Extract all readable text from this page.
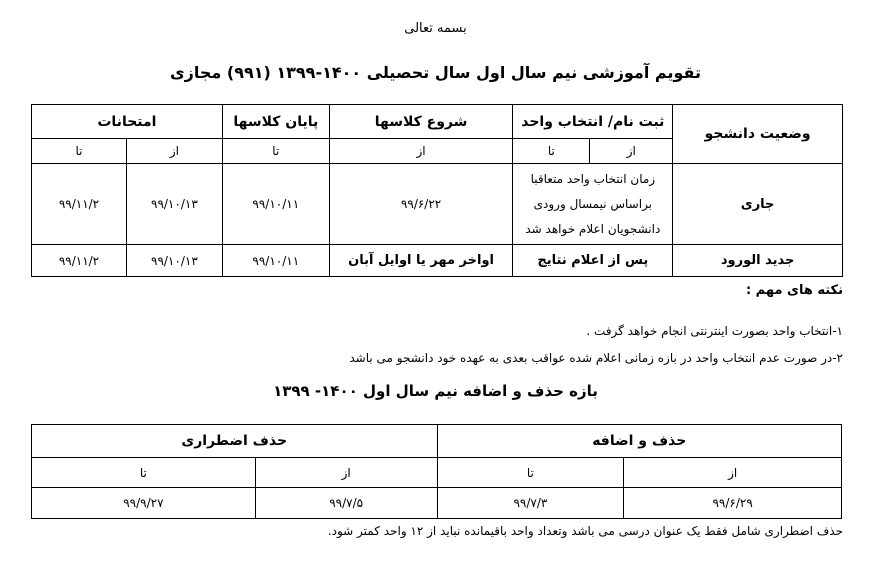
بسمه تعالی
تقویم آموزشی نیم سال اول سال تحصیلی ۱۴۰۰-۱۳۹۹ (۹۹۱) مجازی
وضعیت دانشجو	ثبت نام/ انتخاب واحد		شروع کلاسها	پایان کلاسها	امتحانات	
	از	تا	از	تا	از	تا
جاری	زمان انتخاب واحد متعاقبا
براساس نیمسال ورودی
دانشجویان اعلام خواهد شد		۹۹/۶/۲۲	۹۹/۱۰/۱۱	۹۹/۱۰/۱۳	۹۹/۱۱/۲
جدید الورود	پس از اعلام نتایج		اواخر مهر یا اوایل آبان	۹۹/۱۰/۱۱	۹۹/۱۰/۱۳	۹۹/۱۱/۲
نکته های مهم :
۱-انتخاب واحد بصورت اینترنتی انجام خواهد گرفت .
۲-در صورت عدم انتخاب واحد در بازه زمانی اعلام شده عواقب بعدی به عهده خود دانشجو می باشد
بازه حذف و اضافه نیم سال اول ۱۴۰۰- ۱۳۹۹
حذف و اضافه		حذف اضطراری	
از	تا	از	تا
۹۹/۶/۲۹	۹۹/۷/۳	۹۹/۷/۵	۹۹/۹/۲۷
حذف اضطراری شامل فقط یک عنوان درسی می باشد وتعداد واحد باقیمانده نباید از ۱۲ واحد کمتر شود.
